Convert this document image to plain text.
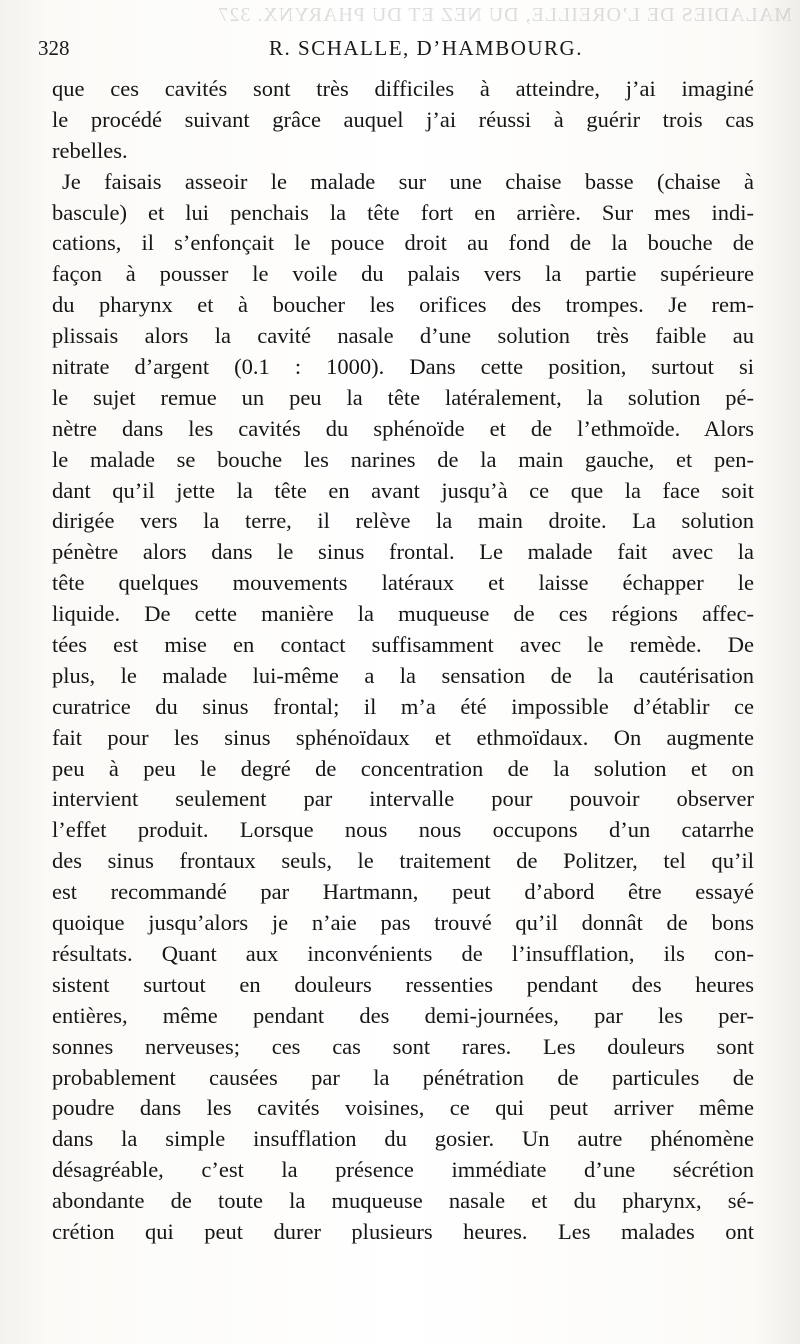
MALADIES DE L’OREILLE, DU NEZ ET DU PHARYNX. 327
328	R. SCHALLE, D’HAMBOURG.
que ces cavités sont très difficiles à atteindre, j’ai imaginé
le procédé suivant grâce auquel j’ai réussi à guérir trois cas
rebelles.
Je faisais asseoir le malade sur une chaise basse (chaise à
bascule) et lui penchais la tête fort en arrière. Sur mes indi-
cations, il s’enfonçait le pouce droit au fond de la bouche de
façon à pousser le voile du palais vers la partie supérieure
du pharynx et à boucher les orifices des trompes. Je rem-
plissais alors la cavité nasale d’une solution très faible au
nitrate d’argent (0.1 : 1000). Dans cette position, surtout si
le sujet remue un peu la tête latéralement, la solution pé-
nètre dans les cavités du sphénoïde et de l’ethmoïde. Alors
le malade se bouche les narines de la main gauche, et pen-
dant qu’il jette la tête en avant jusqu’à ce que la face soit
dirigée vers la terre, il relève la main droite. La solution
pénètre alors dans le sinus frontal. Le malade fait avec la
tête quelques mouvements latéraux et laisse échapper le
liquide. De cette manière la muqueuse de ces régions affec-
tées est mise en contact suffisamment avec le remède. De
plus, le malade lui-même a la sensation de la cautérisation
curatrice du sinus frontal; il m’a été impossible d’établir ce
fait pour les sinus sphénoïdaux et ethmoïdaux. On augmente
peu à peu le degré de concentration de la solution et on
intervient seulement par intervalle pour pouvoir observer
l’effet produit. Lorsque nous nous occupons d’un catarrhe
des sinus frontaux seuls, le traitement de Politzer, tel qu’il
est recommandé par Hartmann, peut d’abord être essayé
quoique jusqu’alors je n’aie pas trouvé qu’il donnât de bons
résultats. Quant aux inconvénients de l’insufflation, ils con-
sistent surtout en douleurs ressenties pendant des heures
entières, même pendant des demi-journées, par les per-
sonnes nerveuses; ces cas sont rares. Les douleurs sont
probablement causées par la pénétration de particules de
poudre dans les cavités voisines, ce qui peut arriver même
dans la simple insufflation du gosier. Un autre phénomène
désagréable, c’est la présence immédiate d’une sécrétion
abondante de toute la muqueuse nasale et du pharynx, sé-
crétion qui peut durer plusieurs heures. Les malades ont
